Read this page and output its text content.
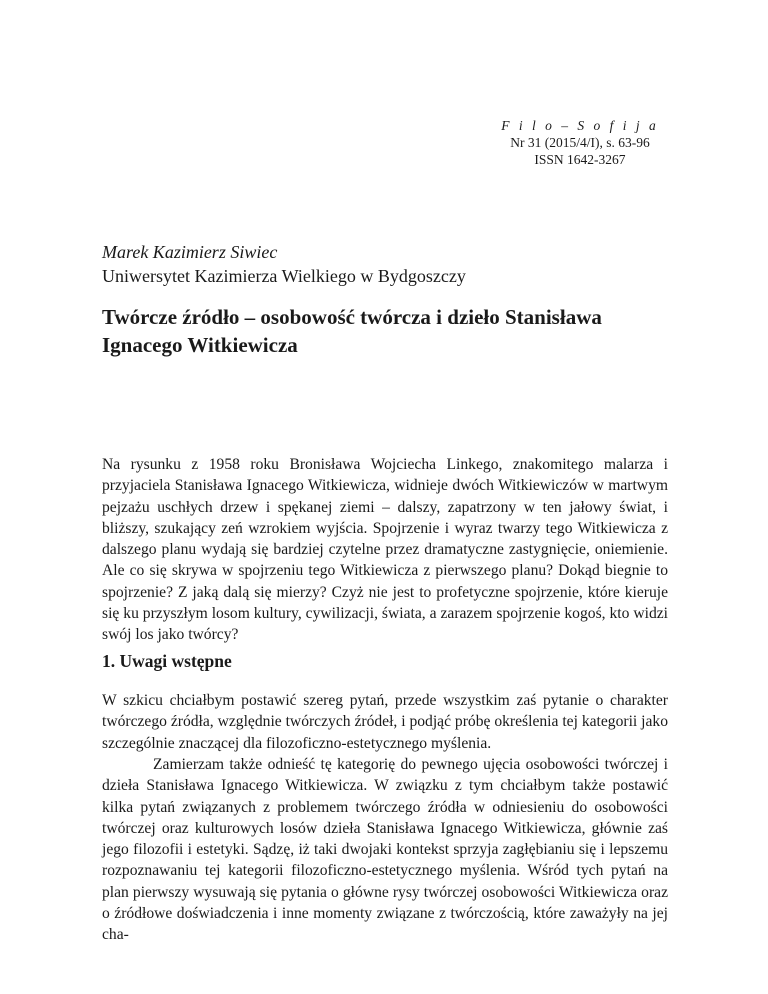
F i l o – S o f i j a
Nr 31 (2015/4/I), s. 63-96
ISSN 1642-3267
Marek Kazimierz Siwiec
Uniwersytet Kazimierza Wielkiego w Bydgoszczy
Twórcze źródło – osobowość twórcza i dzieło Stanisława Ignacego Witkiewicza

Na rysunku z 1958 roku Bronisława Wojciecha Linkego, znakomitego malarza i przyjaciela Stanisława Ignacego Witkiewicza, widnieje dwóch Witkiewiczów w martwym pejzażu uschłych drzew i spękanej ziemi – dalszy, zapatrzony w ten jałowy świat, i bliższy, szukający zeń wzrokiem wyjścia. Spojrzenie i wyraz twarzy tego Witkiewicza z dalszego planu wydają się bardziej czytelne przez dramatyczne zastygnięcie, oniemienie. Ale co się skrywa w spojrzeniu tego Witkiewicza z pierwszego planu? Dokąd biegnie to spojrzenie? Z jaką dalą się mierzy? Czyż nie jest to profetyczne spojrzenie, które kieruje się ku przyszłym losom kultury, cywilizacji, świata, a zarazem spojrzenie kogoś, kto widzi swój los jako twórcy?

1. Uwagi wstępne

W szkicu chciałbym postawić szereg pytań, przede wszystkim zaś pytanie o charakter twórczego źródła, względnie twórczych źródeł, i podjąć próbę określenia tej kategorii jako szczególnie znaczącej dla filozoficzno-estetycznego myślenia.

Zamierzam także odnieść tę kategorię do pewnego ujęcia osobowości twórczej i dzieła Stanisława Ignacego Witkiewicza. W związku z tym chciałbym także postawić kilka pytań związanych z problemem twórczego źródła w odniesieniu do osobowości twórczej oraz kulturowych losów dzieła Stanisława Ignacego Witkiewicza, głównie zaś jego filozofii i estetyki. Sądzę, iż taki dwojaki kontekst sprzyja zagłębianiu się i lepszemu rozpoznawaniu tej kategorii filozoficzno-estetycznego myślenia. Wśród tych pytań na plan pierwszy wysuwają się pytania o główne rysy twórczej osobowości Witkiewicza oraz o źródłowe doświadczenia i inne momenty związane z twórczością, które zaważyły na jej cha-
